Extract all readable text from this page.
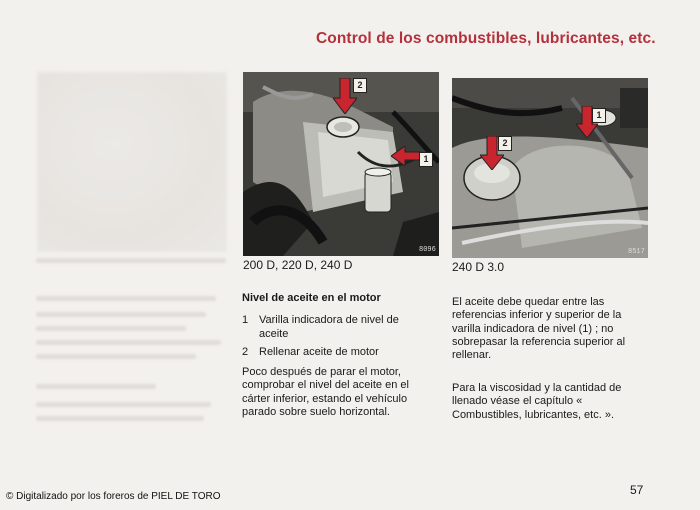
Control de los combustibles, lubricantes, etc.
2
1
8096
200 D, 220 D, 240 D
1
2
8517
240 D 3.0
Nivel de aceite en el motor
1 Varilla indicadora de nivel de aceite
2 Rellenar aceite de motor
Poco después de parar el motor, comprobar el nivel del aceite en el cárter inferior, estando el vehículo parado sobre suelo horizontal.
El aceite debe quedar entre las referencias inferior y superior de la varilla indicadora de nivel (1) ; no sobrepasar la referencia superior al rellenar.
Para la viscosidad y la cantidad de llenado véase el capítulo « Combustibles, lubricantes, etc. ».
57
© Digitalizado por los foreros de PIEL DE TORO
